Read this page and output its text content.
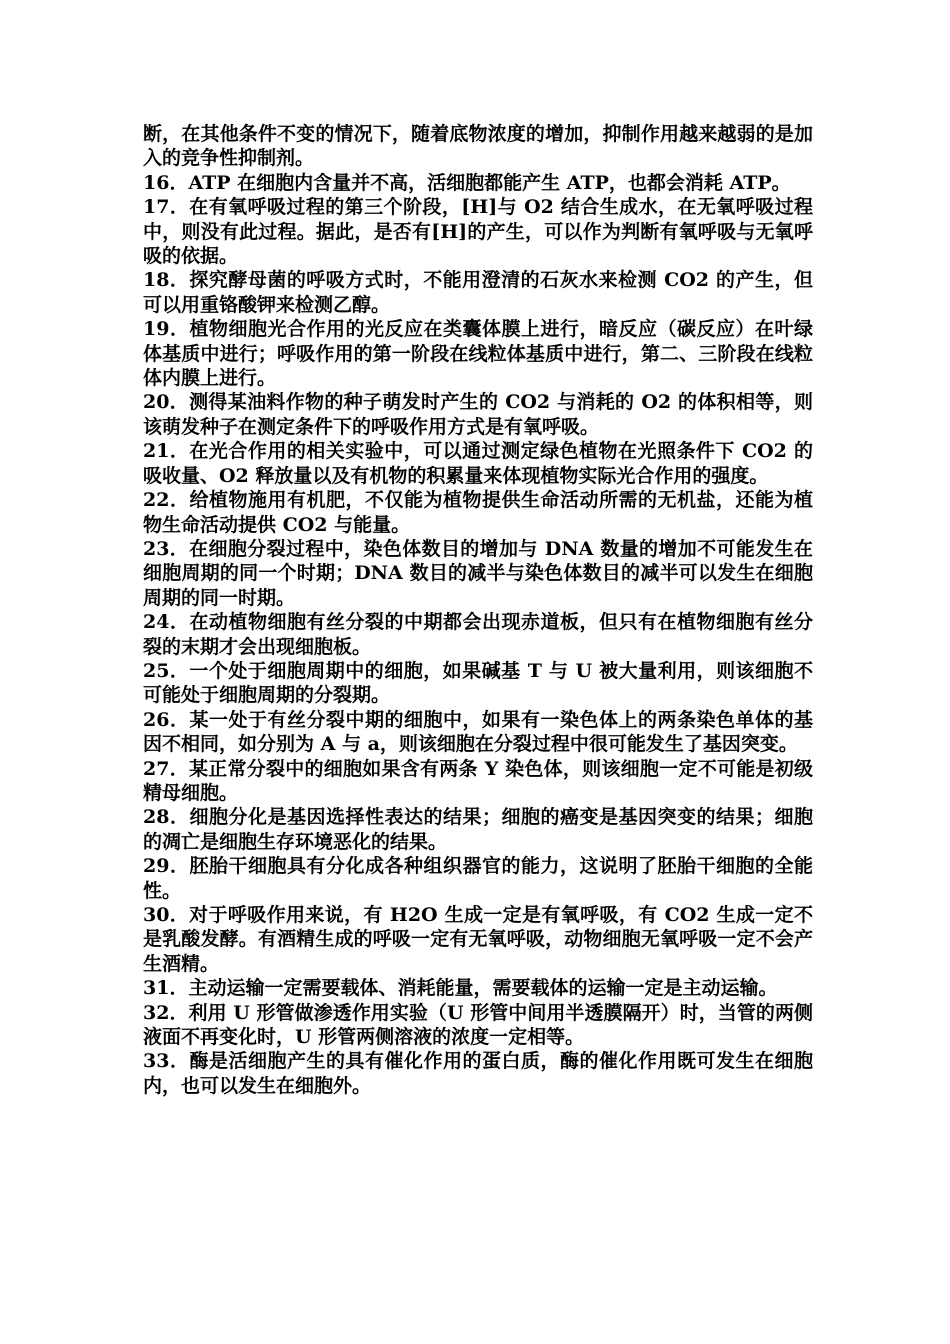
断，在其他条件不变的情况下，随着底物浓度的增加，抑制作用越来越弱的是加入的竞争性抑制剂。

16．ATP 在细胞内含量并不高，活细胞都能产生 ATP，也都会消耗 ATP。

17．在有氧呼吸过程的第三个阶段，[H]与 O2 结合生成水，在无氧呼吸过程中，则没有此过程。据此，是否有[H]的产生，可以作为判断有氧呼吸与无氧呼吸的依据。

18．探究酵母菌的呼吸方式时，不能用澄清的石灰水来检测 CO2 的产生，但可以用重铬酸钾来检测乙醇。

19．植物细胞光合作用的光反应在类囊体膜上进行，暗反应（碳反应）在叶绿体基质中进行；呼吸作用的第一阶段在线粒体基质中进行，第二、三阶段在线粒体内膜上进行。

20．测得某油料作物的种子萌发时产生的 CO2 与消耗的 O2 的体积相等，则该萌发种子在测定条件下的呼吸作用方式是有氧呼吸。

21．在光合作用的相关实验中，可以通过测定绿色植物在光照条件下 CO2 的吸收量、O2 释放量以及有机物的积累量来体现植物实际光合作用的强度。

22．给植物施用有机肥，不仅能为植物提供生命活动所需的无机盐，还能为植物生命活动提供 CO2 与能量。

23．在细胞分裂过程中，染色体数目的增加与 DNA 数量的增加不可能发生在细胞周期的同一个时期；DNA 数目的减半与染色体数目的减半可以发生在细胞周期的同一时期。

24．在动植物细胞有丝分裂的中期都会出现赤道板，但只有在植物细胞有丝分裂的末期才会出现细胞板。

25．一个处于细胞周期中的细胞，如果碱基 T 与 U 被大量利用，则该细胞不可能处于细胞周期的分裂期。

26．某一处于有丝分裂中期的细胞中，如果有一染色体上的两条染色单体的基因不相同，如分别为 A 与 a，则该细胞在分裂过程中很可能发生了基因突变。

27．某正常分裂中的细胞如果含有两条 Y 染色体，则该细胞一定不可能是初级精母细胞。

28．细胞分化是基因选择性表达的结果；细胞的癌变是基因突变的结果；细胞的凋亡是细胞生存环境恶化的结果。

29．胚胎干细胞具有分化成各种组织器官的能力，这说明了胚胎干细胞的全能性。

30．对于呼吸作用来说，有 H2O 生成一定是有氧呼吸，有 CO2 生成一定不是乳酸发酵。有酒精生成的呼吸一定有无氧呼吸，动物细胞无氧呼吸一定不会产生酒精。

31．主动运输一定需要载体、消耗能量，需要载体的运输一定是主动运输。

32．利用 U 形管做渗透作用实验（U 形管中间用半透膜隔开）时，当管的两侧液面不再变化时，U 形管两侧溶液的浓度一定相等。

33．酶是活细胞产生的具有催化作用的蛋白质，酶的催化作用既可发生在细胞内，也可以发生在细胞外。
